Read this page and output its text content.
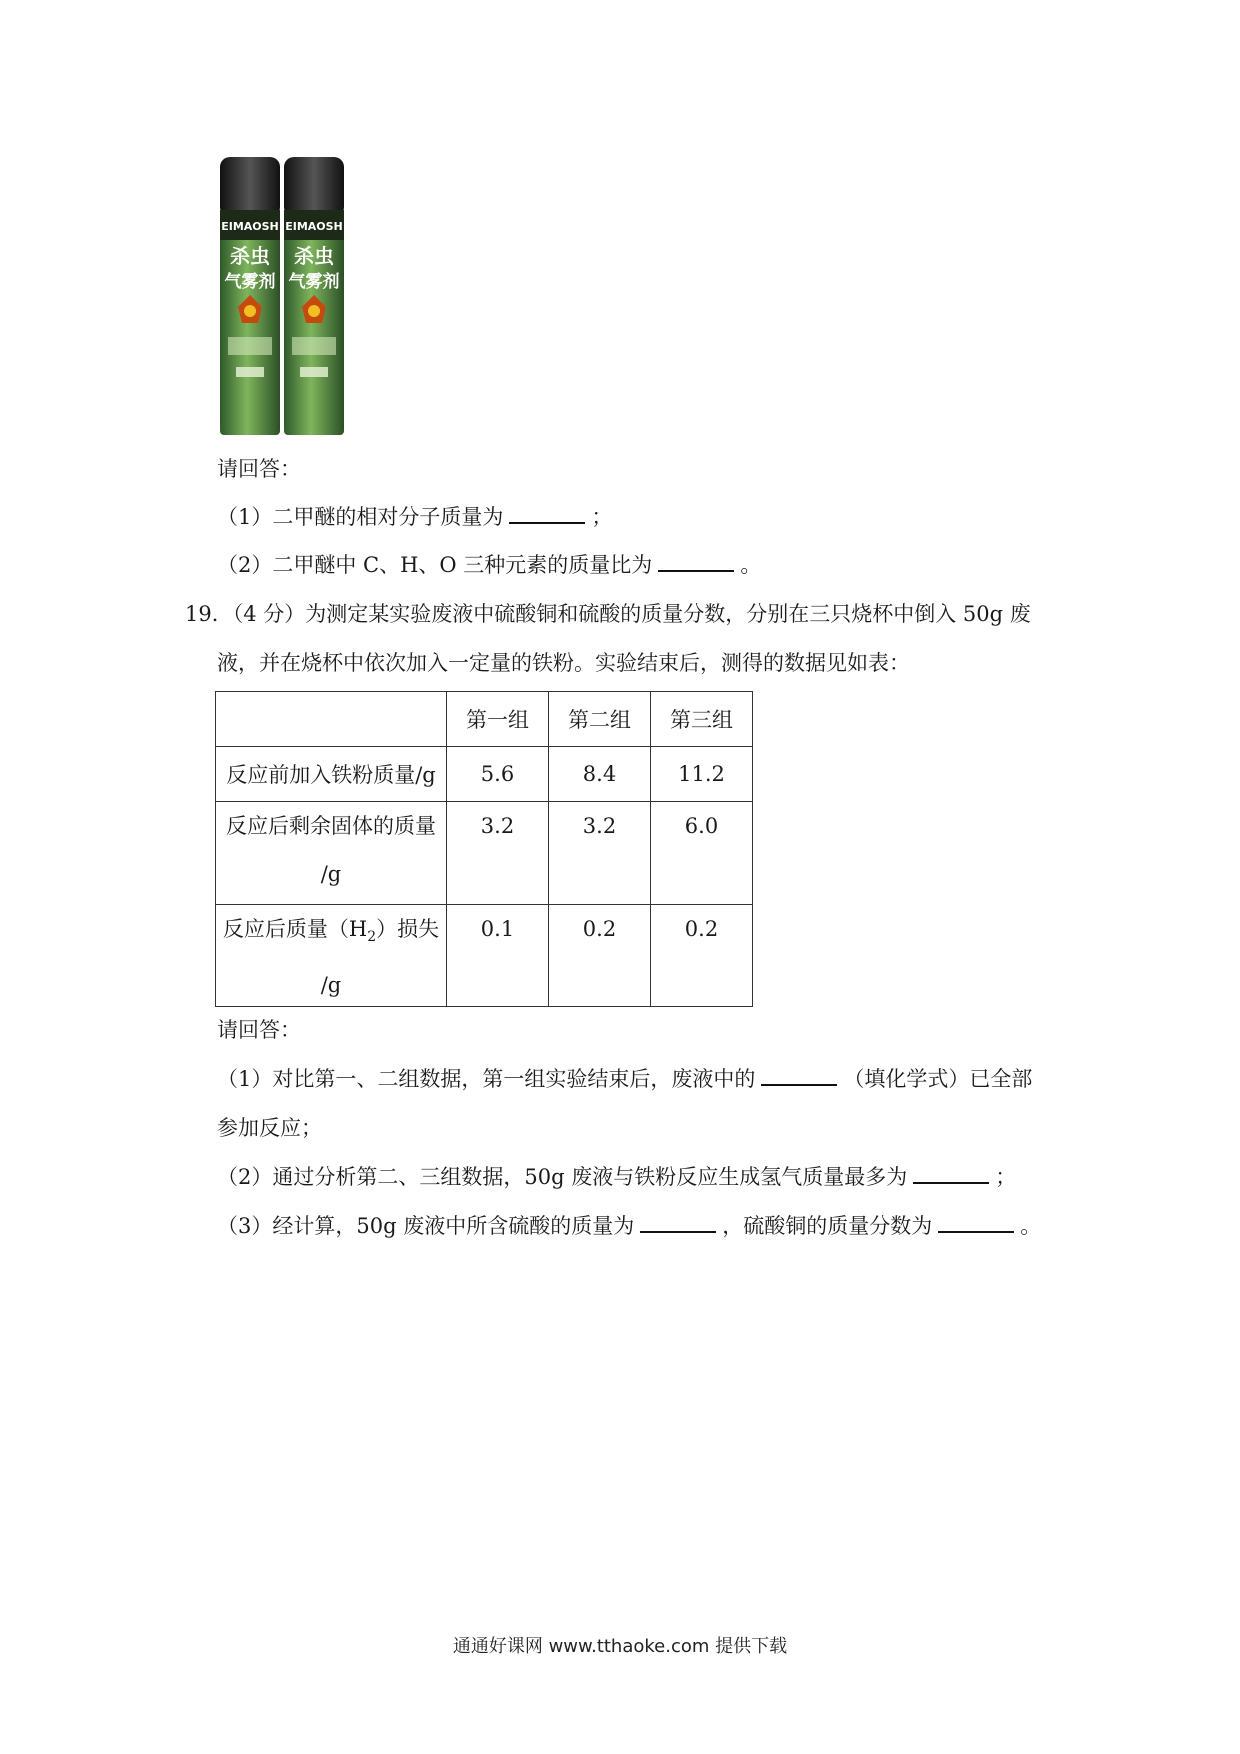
EIMAOSH
杀虫
气雾剂
EIMAOSH
杀虫
气雾剂
请回答：
（1）二甲醚的相对分子质量为	；
（2）二甲醚中 C、H、O 三种元素的质量比为	。
19．（4 分）为测定某实验废液中硫酸铜和硫酸的质量分数，分别在三只烧杯中倒入 50g 废
液，并在烧杯中依次加入一定量的铁粉。实验结束后，测得的数据见如表：
	第一组	第二组	第三组
反应前加入铁粉质量/g	5.6	8.4	11.2

反应后剩余固体的质量
/g	3.2	3.2	6.0

反应后质量$(H_2)$损失
/g	0.1	0.2	0.2
请回答：
（1）对比第一、二组数据，第一组实验结束后，废液中的	（填化学式）已全部
参加反应；
（2）通过分析第二、三组数据，50g 废液与铁粉反应生成氢气质量最多为	；
（3）经计算，50g 废液中所含硫酸的质量为	，硫酸铜的质量分数为	。
通通好课网 www.tthaoke.com 提供下载
